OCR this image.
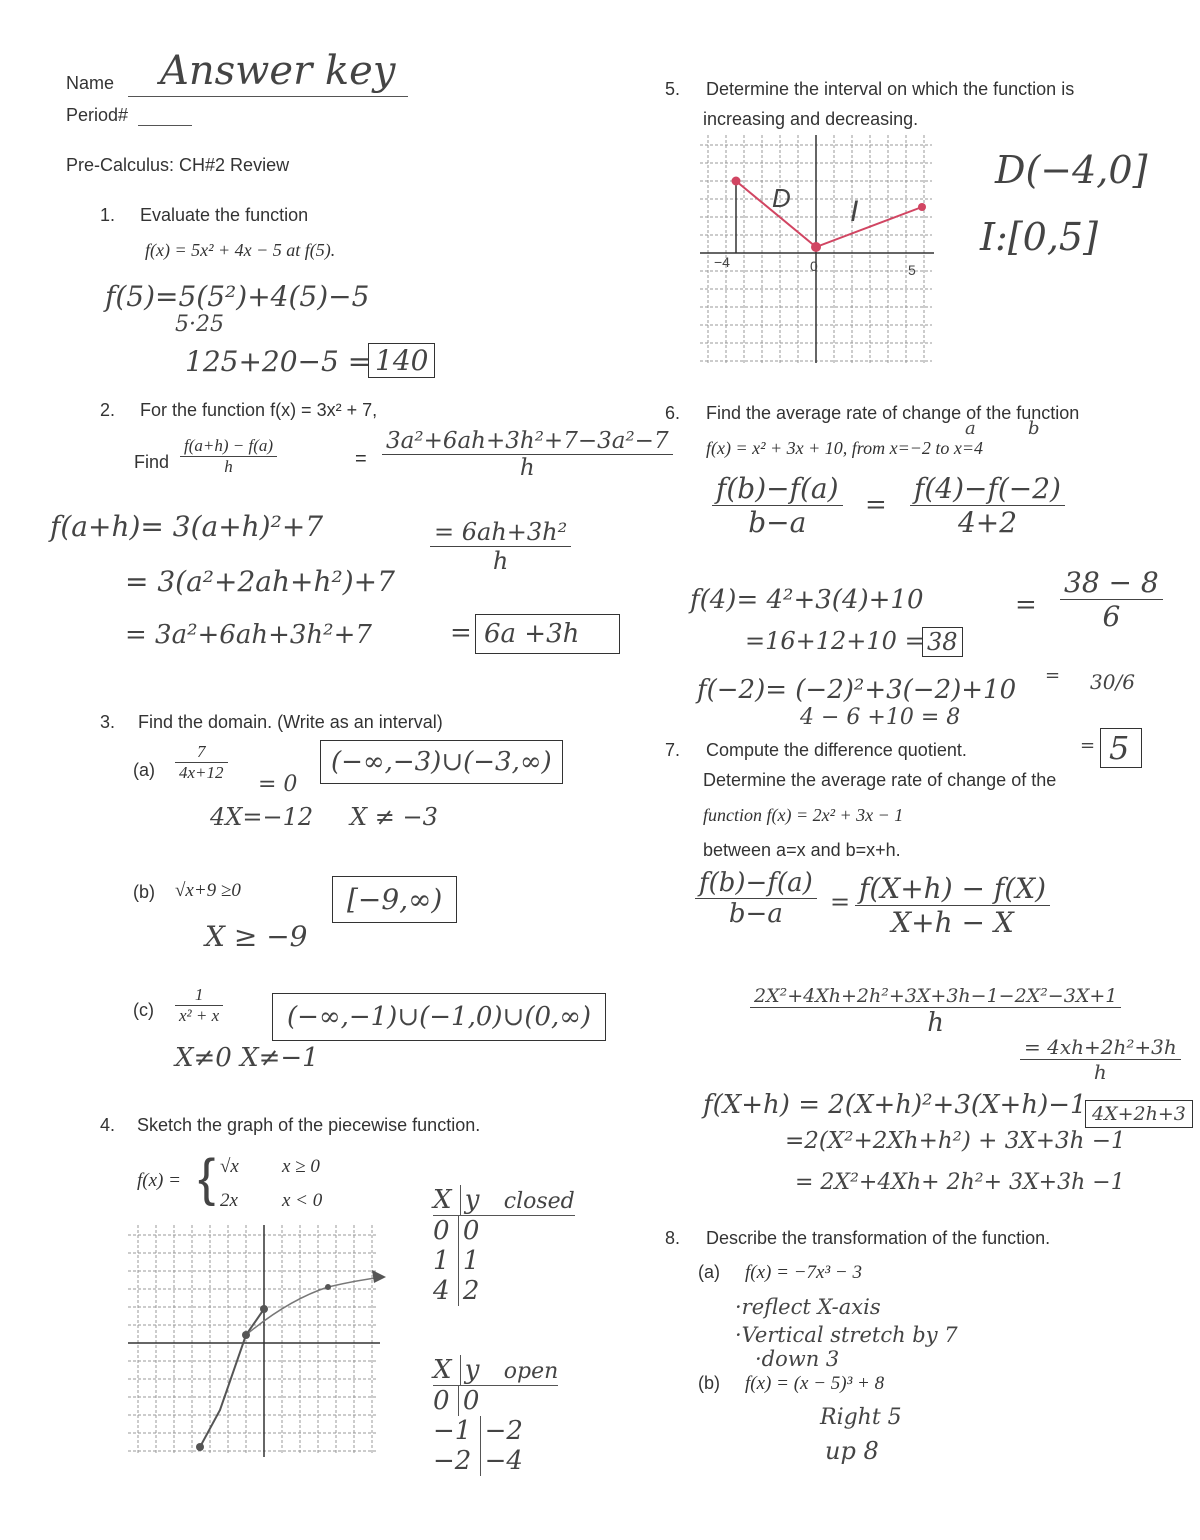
Name Answer key
Period#
Pre-Calculus: CH#2 Review
1. Evaluate the function
f(x) = 5x² + 4x − 5 at f(5).
f(5)=5(5²)+4(5)−5
5·25
125+20−5 = 140
2. For the function f(x) = 3x² + 7,
Find $\frac{f(a+h) - f(a)}{h}$	= $\frac{\text{3a²+6ah+3h²+7−3a²−7}}{h}$
f(a+h)= 3(a+h)²+7
= 3(a²+2ah+h²)+7
= 3a²+6ah+3h²+7
$\frac{\text{= 6ah+3h²}}{h}$
= 6a +3h
3. Find the domain. (Write as an interval)
$(a) \frac{7}{4x+12}$
= 0
4X=−12 X ≠ −3
(−∞,−3)∪(−3,∞)
(b) √x+9 ≥0
X ≥ −9
[−9,∞)
$(c) \frac{1}{\text{x² + x}}$
X≠0 X≠−1
(−∞,−1)∪(−1,0)∪(0,∞)
4. Sketch the graph of the piecewise function.
f(x) = { √x x ≥ 0
2x x < 0	X y closed
0 0
1 1
4 2
X y open
0 0
−1 −2
−2 −4
5. Determine the interval on which the function is
increasing and decreasing.
D I
−4	0	5
D(−4,0]
I:[0,5]
6. Find the average rate of change of the function
f(x) = x² + 3x + 10, from x=−2 to x=4
a	b
$\frac{f(b)-f(a)}{b-a} = \frac{f(4)-f(-2)}{4+2}$
f(4)= 4²+3(4)+10
=16+12+10 = 38
f(−2)= (−2)²+3(−2)+10
4 − 6 +10 = 8
= $\frac{38 - 8}{6}$
= 30/6
= 5
7. Compute the difference quotient.
Determine the average rate of change of the
function f(x) = 2x² + 3x − 1
between a=x and b=x+h.
$\frac{f(b)-f(a)}{b-a} = \frac{f(X+h) - f(X)}{X+h - X}$
$\frac{\text{2X²+4Xh+2h²+3X+3h−1−2X²−3X+1}}{h}$
$\frac{\text{= 4xh+2h²+3h}}{h}$
f(X+h) = 2(X+h)²+3(X+h)−1
=2(X²+2Xh+h²) + 3X+3h −1
= 2X²+4Xh+ 2h²+ 3X+3h −1
4X+2h+3
8. Describe the transformation of the function.
(a) f(x) = −7x³ − 3
·reflect X-axis
·Vertical stretch by 7
·down 3
(b) f(x) = (x − 5)³ + 8
Right 5
up 8
